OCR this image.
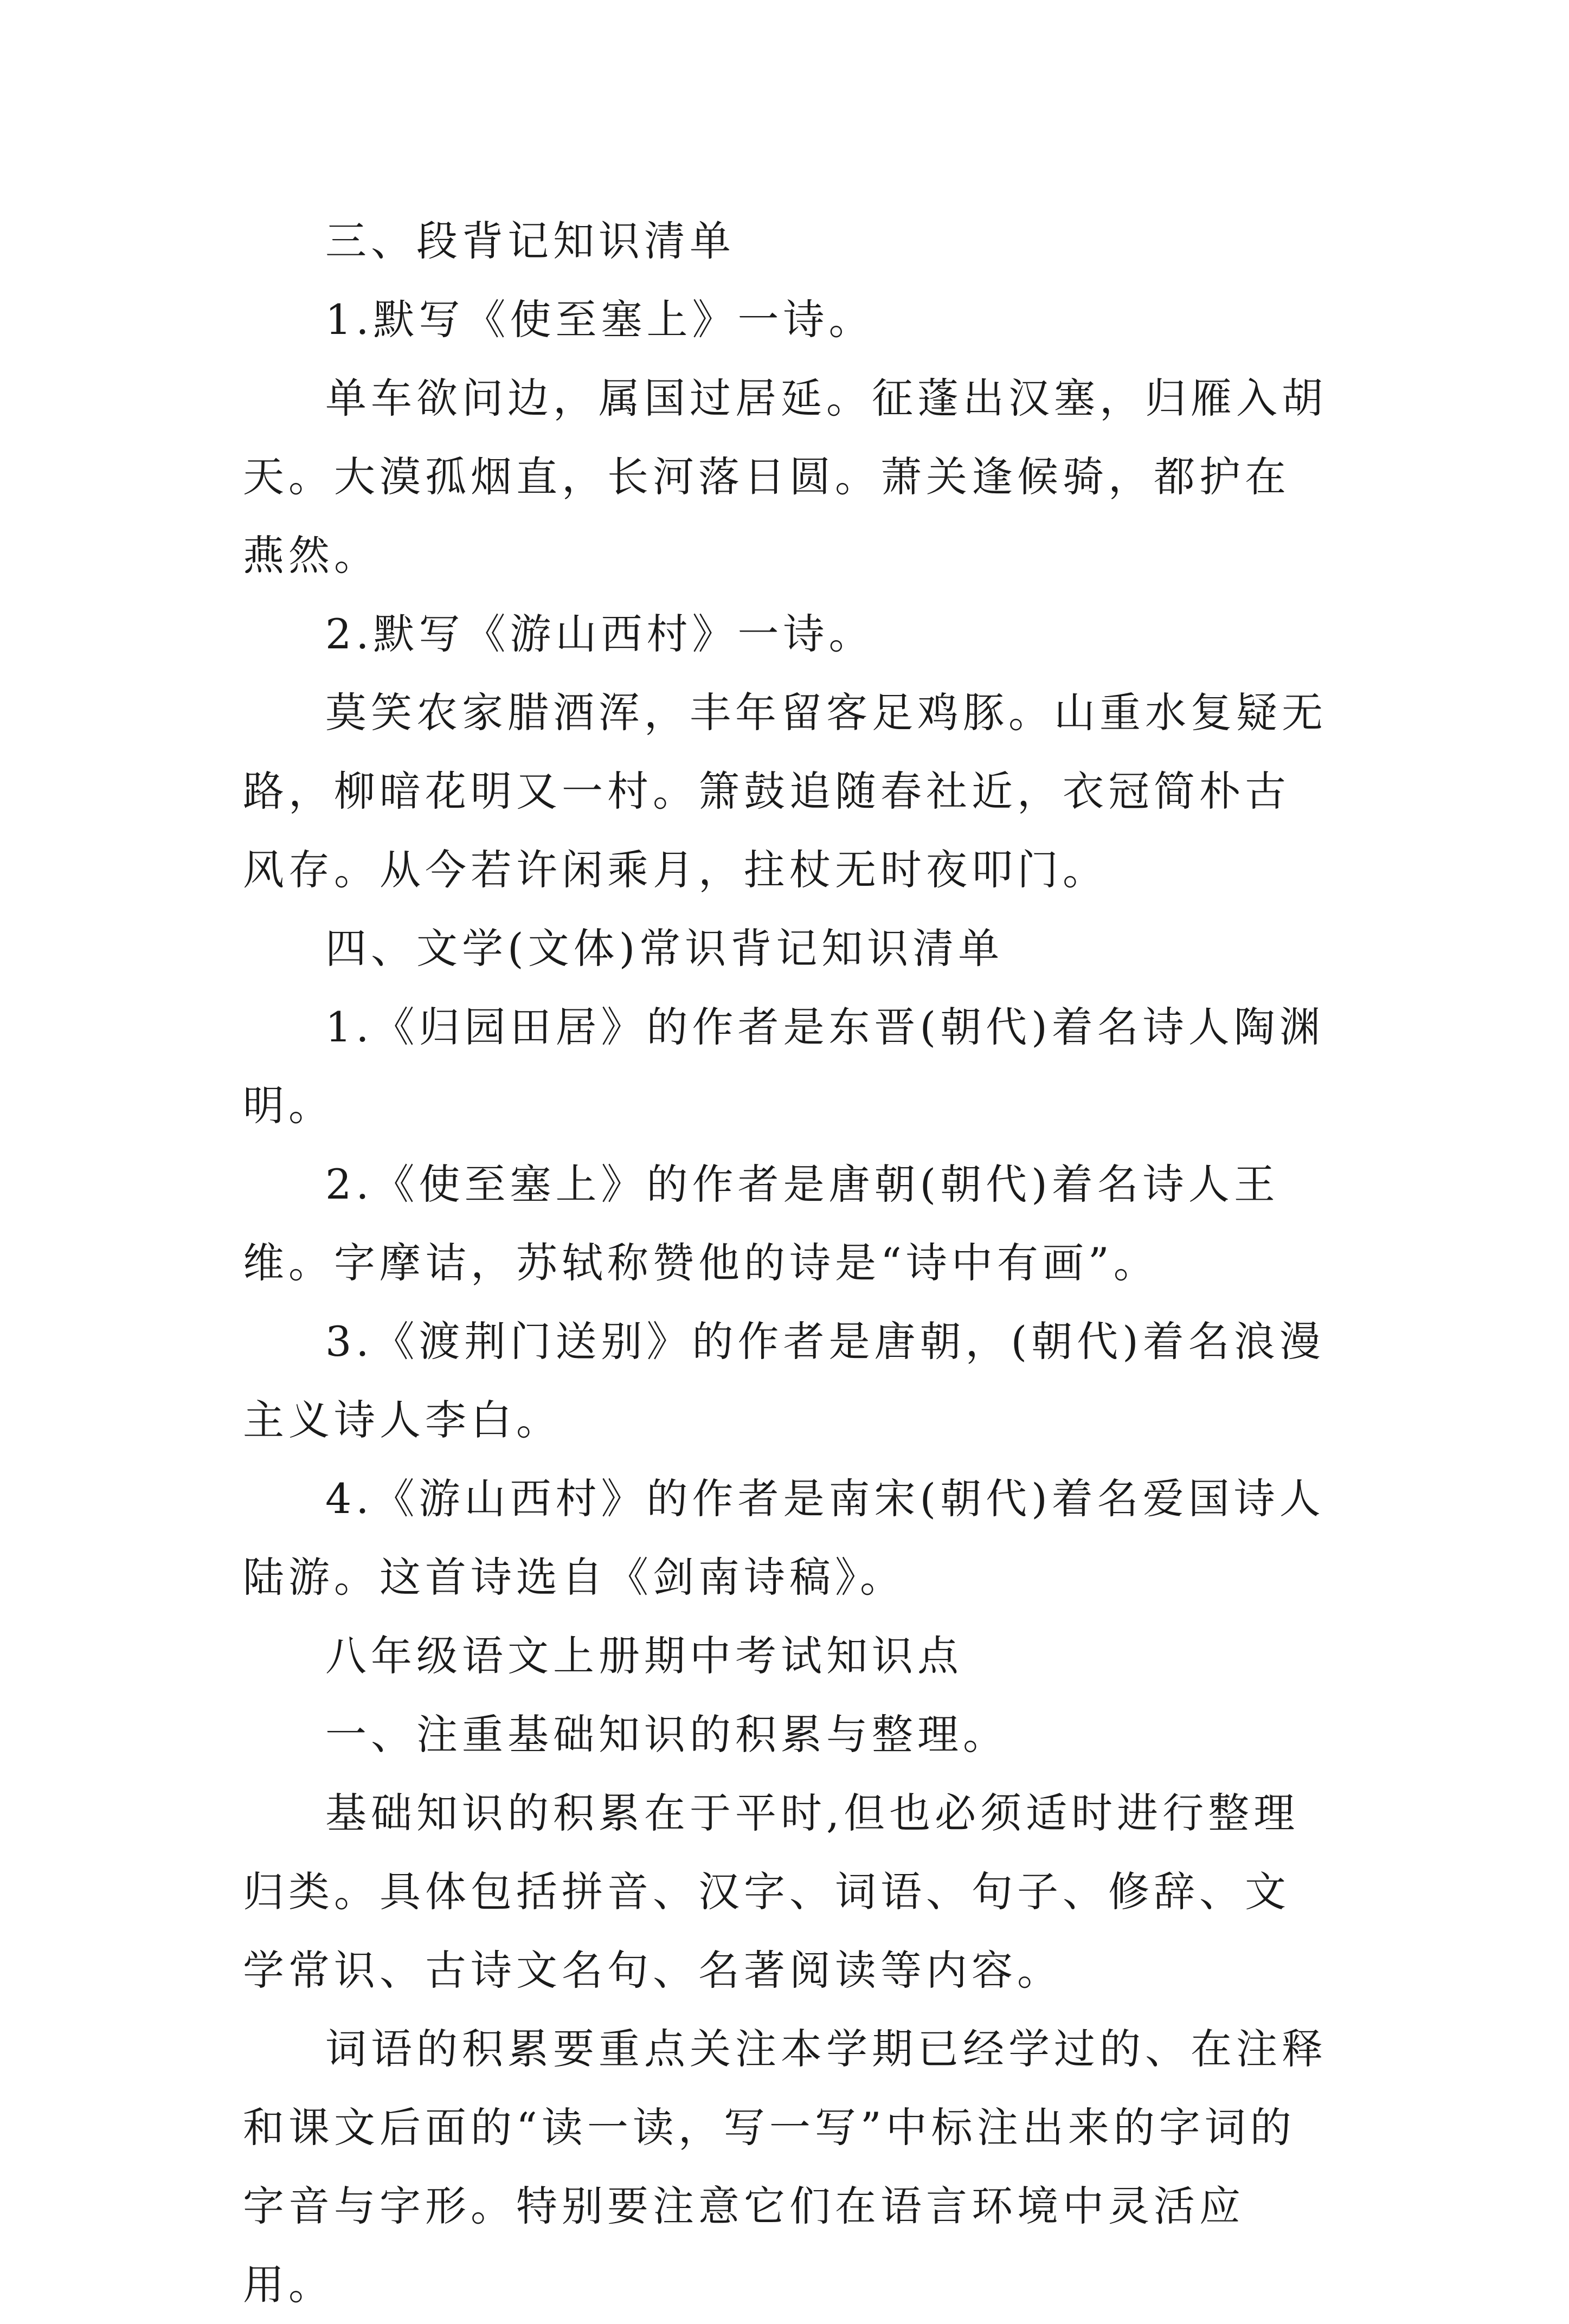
三、段背记知识清单

1.默写《使至塞上》一诗。

单车欲问边，属国过居延。征蓬出汉塞，归雁入胡天。大漠孤烟直，长河落日圆。萧关逢候骑，都护在燕然。

2.默写《游山西村》一诗。

莫笑农家腊酒浑，丰年留客足鸡豚。山重水复疑无路，柳暗花明又一村。箫鼓追随春社近，衣冠简朴古风存。从今若许闲乘月，拄杖无时夜叩门。

四、文学(文体)常识背记知识清单

1.《归园田居》的作者是东晋(朝代)着名诗人陶渊明。

2.《使至塞上》的作者是唐朝(朝代)着名诗人王维。字摩诘，苏轼称赞他的诗是“诗中有画”。

3.《渡荆门送别》的作者是唐朝，(朝代)着名浪漫主义诗人李白。

4.《游山西村》的作者是南宋(朝代)着名爱国诗人陆游。这首诗选自《剑南诗稿》。

八年级语文上册期中考试知识点

一、注重基础知识的积累与整理。

基础知识的积累在于平时,但也必须适时进行整理归类。具体包括拼音、汉字、词语、句子、修辞、文学常识、古诗文名句、名著阅读等内容。

词语的积累要重点关注本学期已经学过的、在注释和课文后面的“读一读，写一写”中标注出来的字词的字音与字形。特别要注意它们在语言环境中灵活应用。
